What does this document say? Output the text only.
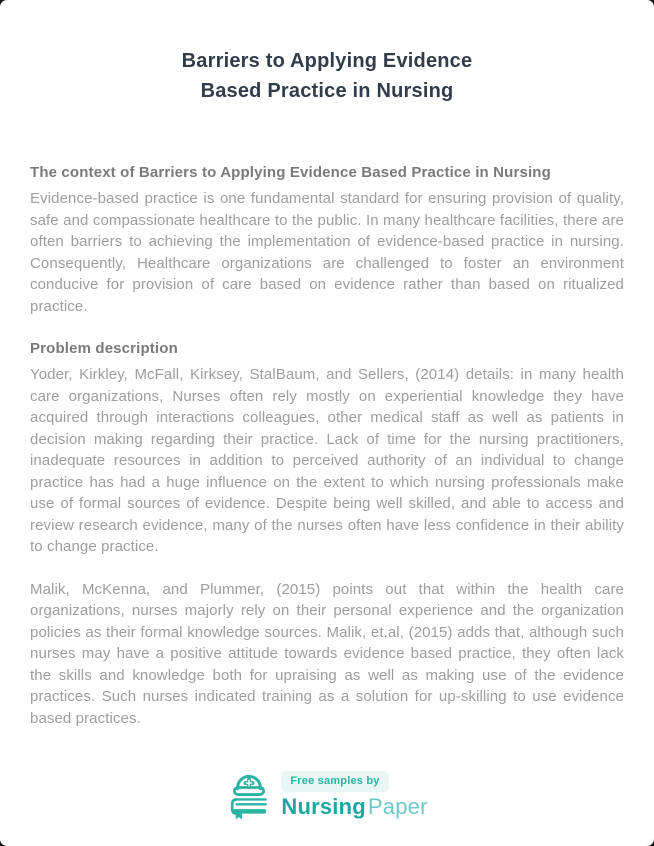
Barriers to Applying Evidence
Based Practice in Nursing
The context of Barriers to Applying Evidence Based Practice in Nursing

Evidence-based practice is one fundamental standard for ensuring provision of quality, safe and compassionate healthcare to the public. In many healthcare facilities, there are often barriers to achieving the implementation of evidence-based practice in nursing. Consequently, Healthcare organizations are challenged to foster an environment conducive for provision of care based on evidence rather than based on ritualized practice.

Problem description

Yoder, Kirkley, McFall, Kirksey, StalBaum, and Sellers, (2014) details: in many health care organizations, Nurses often rely mostly on experiential knowledge they have acquired through interactions colleagues, other medical staff as well as patients in decision making regarding their practice. Lack of time for the nursing practitioners, inadequate resources in addition to perceived authority of an individual to change practice has had a huge influence on the extent to which nursing professionals make use of formal sources of evidence. Despite being well skilled, and able to access and review research evidence, many of the nurses often have less confidence in their ability to change practice.

Malik, McKenna, and Plummer, (2015) points out that within the health care organizations, nurses majorly rely on their personal experience and the organization policies as their formal knowledge sources. Malik, et.al, (2015) adds that, although such nurses may have a positive attitude towards evidence based practice, they often lack the skills and knowledge both for upraising as well as making use of the evidence practices. Such nurses indicated training as a solution for up-skilling to use evidence based practices.

Free samples by
NursingPaper
